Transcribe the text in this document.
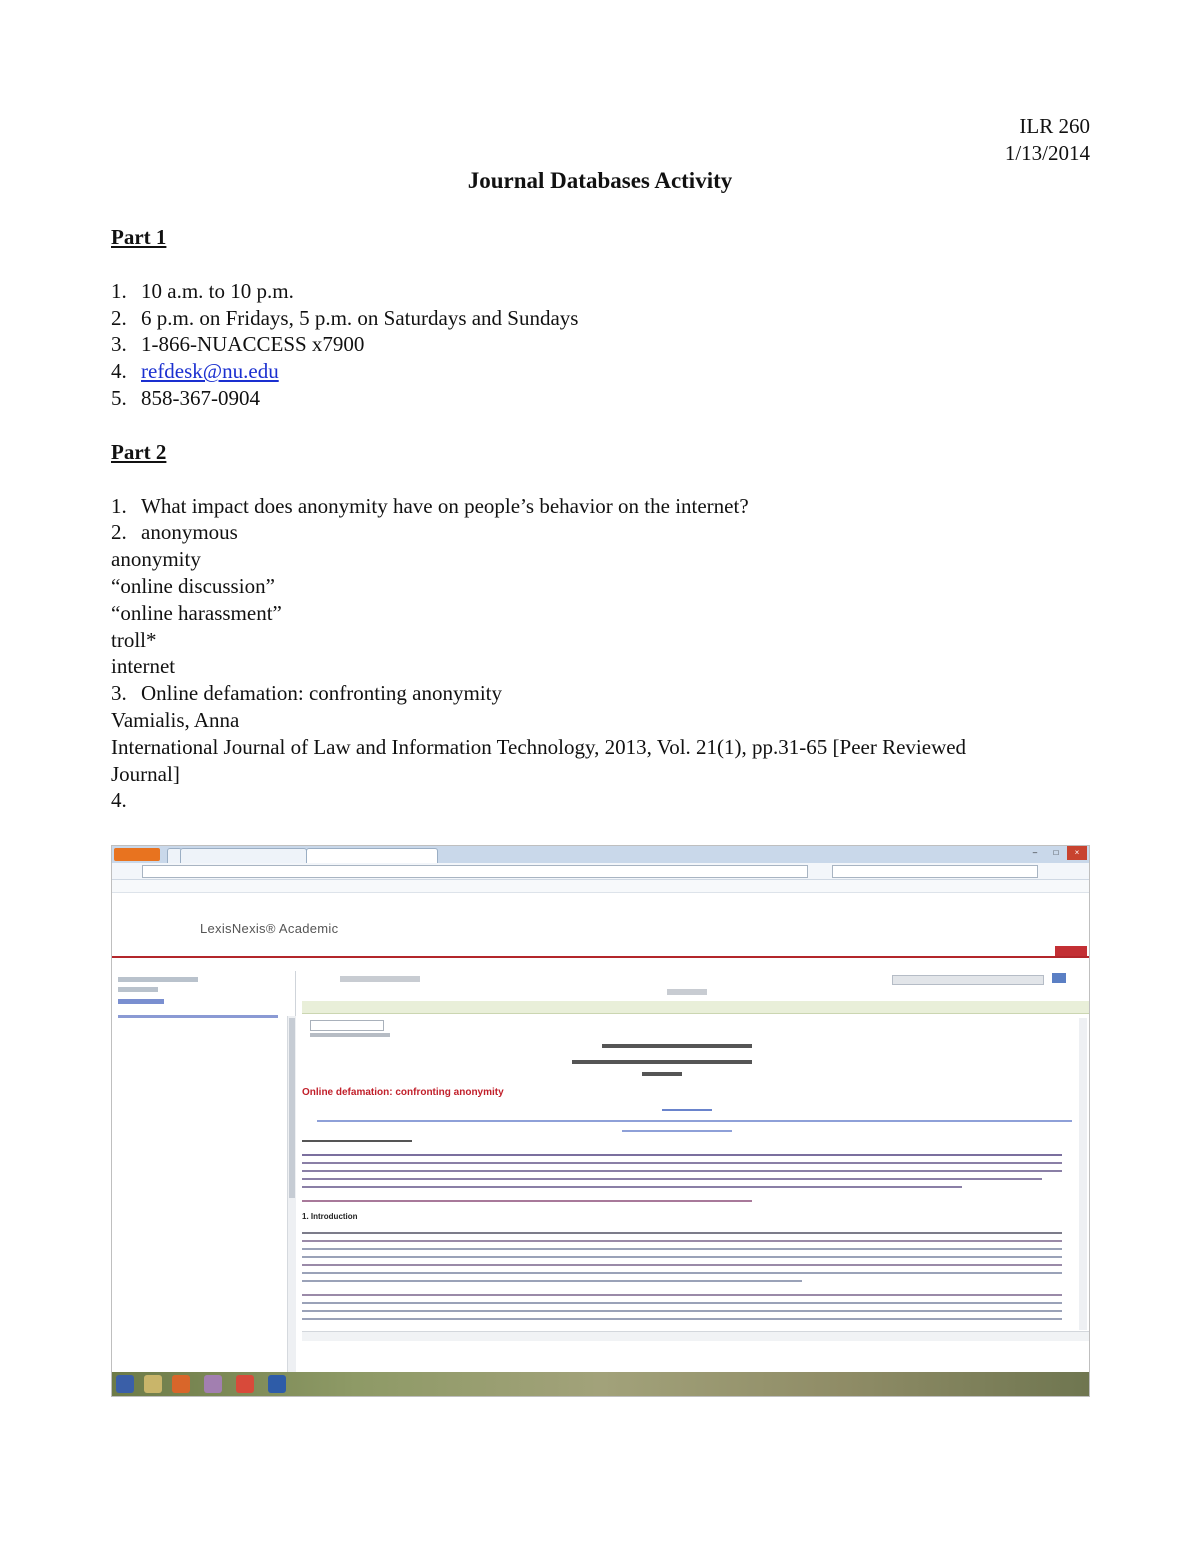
ILR 260
1/13/2014
Journal Databases Activity

Part 1

1. 10 a.m. to 10 p.m.

2. 6 p.m. on Fridays, 5 p.m. on Saturdays and Sundays

3. 1-866-NUACCESS x7900

4. refdesk@nu.edu

5. 858-367-0904

Part 2

1. What impact does anonymity have on people’s behavior on the internet?

2. anonymous

anonymity

“online discussion”

“online harassment”

troll*

internet

3. Online defamation: confronting anonymity

Vamialis, Anna

International Journal of Law and Information Technology, 2013, Vol. 21(1), pp.31-65 [Peer Reviewed

Journal]

4.

–	□	×
LexisNexis® Academic
Online defamation: confronting anonymity
1. Introduction
